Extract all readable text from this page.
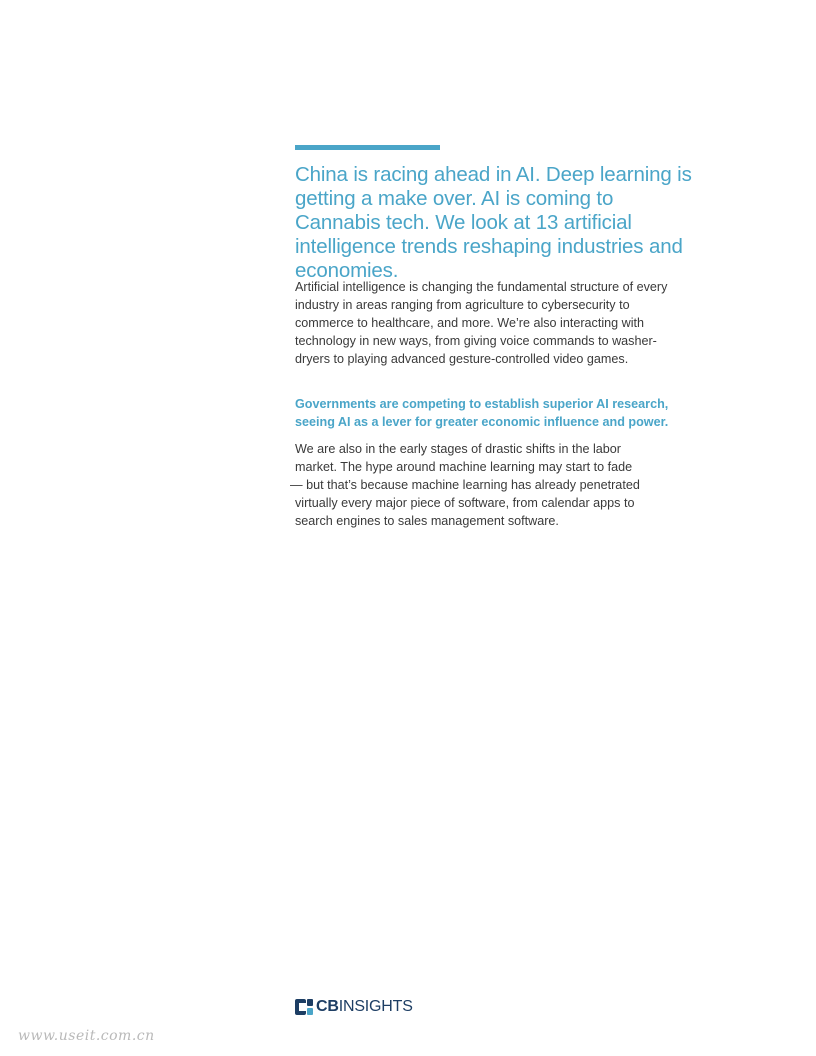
China is racing ahead in AI. Deep learning is getting a make over. AI is coming to Cannabis tech. We look at 13 artificial intelligence trends reshaping industries and economies.

Artificial intelligence is changing the fundamental structure of every industry in areas ranging from agriculture to cybersecurity to commerce to healthcare, and more. We’re also interacting with technology in new ways, from giving voice commands to washer-dryers to playing advanced gesture-controlled video games.

Governments are competing to establish superior AI research, seeing AI as a lever for greater economic influence and power.

We are also in the early stages of drastic shifts in the labor
market. The hype around machine learning may start to fade
— but that’s because machine learning has already penetrated
virtually every major piece of software, from calendar apps to
search engines to sales management software.

CBINSIGHTS
www.useit.com.cn
